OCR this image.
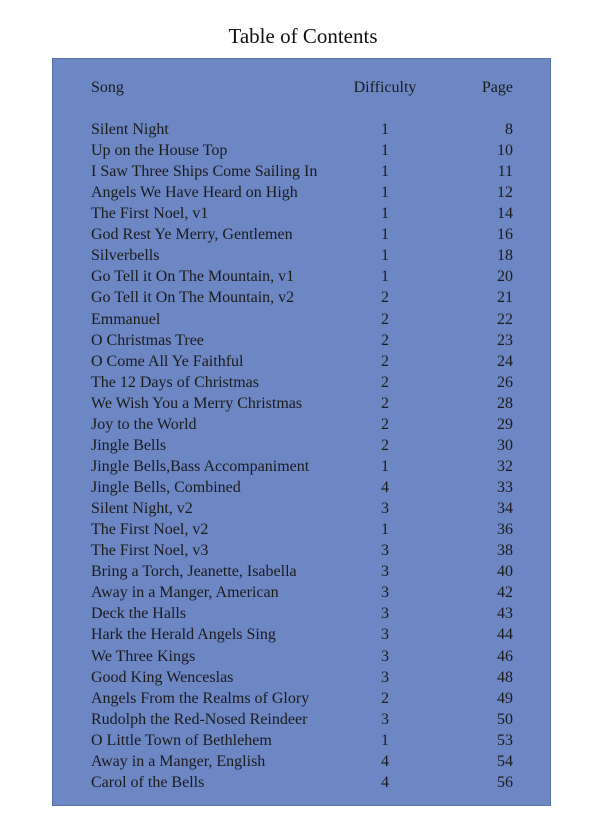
Table of Contents
Song	Difficulty	Page
Silent Night	1	8
Up on the House Top	1	10
I Saw Three Ships Come Sailing In	1	11
Angels We Have Heard on High	1	12
The First Noel, v1	1	14
God Rest Ye Merry, Gentlemen	1	16
Silverbells	1	18
Go Tell it On The Mountain, v1	1	20
Go Tell it On The Mountain, v2	2	21
Emmanuel	2	22
O Christmas Tree	2	23
O Come All Ye Faithful	2	24
The 12 Days of Christmas	2	26
We Wish You a Merry Christmas	2	28
Joy to the World	2	29
Jingle Bells	2	30
Jingle Bells,Bass Accompaniment	1	32
Jingle Bells, Combined	4	33
Silent Night, v2	3	34
The First Noel, v2	1	36
The First Noel, v3	3	38
Bring a Torch, Jeanette, Isabella	3	40
Away in a Manger, American	3	42
Deck the Halls	3	43
Hark the Herald Angels Sing	3	44
We Three Kings	3	46
Good King Wenceslas	3	48
Angels From the Realms of Glory	2	49
Rudolph the Red-Nosed Reindeer	3	50
O Little Town of Bethlehem	1	53
Away in a Manger, English	4	54
Carol of the Bells	4	56
